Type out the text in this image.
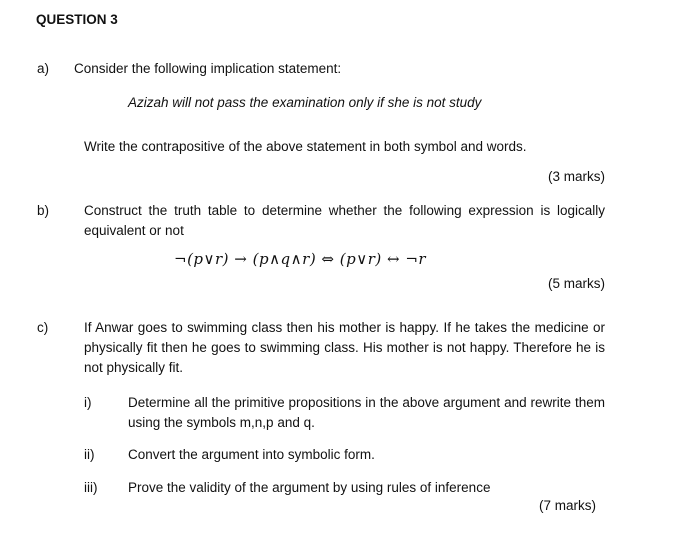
QUESTION 3
a) Consider the following implication statement:
Azizah will not pass the examination only if she is not study
Write the contrapositive of the above statement in both symbol and words.
(3 marks)
b)	Construct the truth table to determine whether the following expression is logically equivalent or not
¬(p∨r) → (p∧q∧r) ⇔ (p∨r) ↔ ¬r
(5 marks)
c)	If Anwar goes to swimming class then his mother is happy. If he takes the medicine or physically fit then he goes to swimming class. His mother is not happy. Therefore he is not physically fit.
i)	Determine all the primitive propositions in the above argument and rewrite them using the symbols m,n,p and q.
ii) Convert the argument into symbolic form.
iii) Prove the validity of the argument by using rules of inference
(7 marks)
